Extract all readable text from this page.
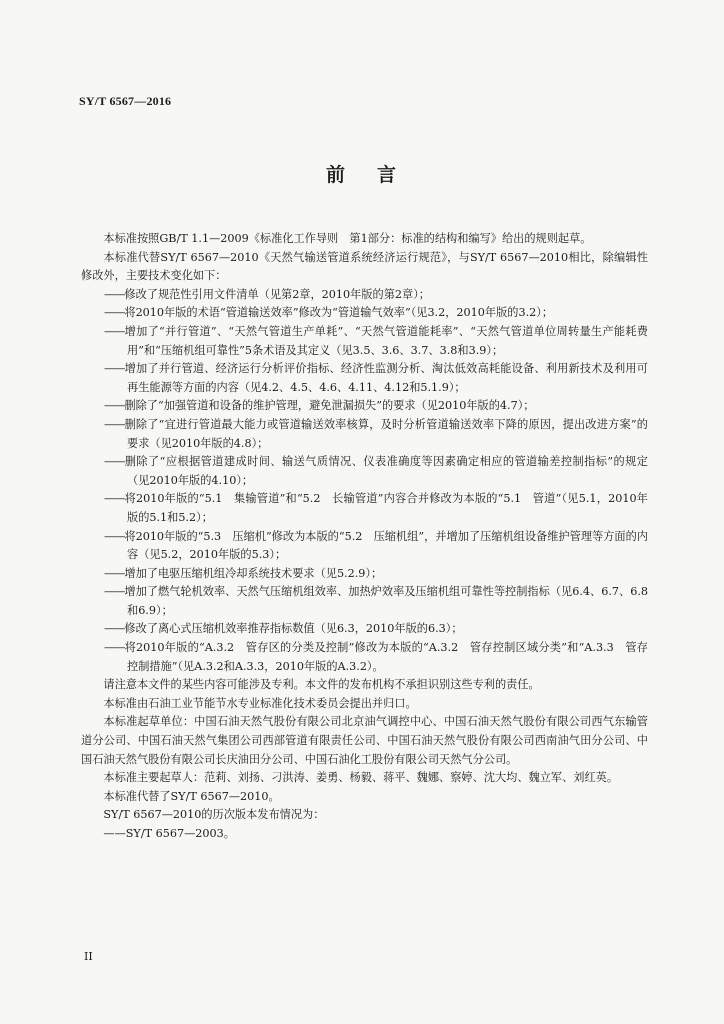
SY/T 6567—2016
前 言
本标准按照GB/T 1.1—2009《标准化工作导则　第1部分：标准的结构和编写》给出的规则起草。
本标准代替SY/T 6567—2010《天然气输送管道系统经济运行规范》，与SY/T 6567—2010相比，除编辑性修改外，主要技术变化如下：
——修改了规范性引用文件清单（见第2章，2010年版的第2章）；
——将2010年版的术语“管道输送效率”修改为“管道输气效率”（见3.2，2010年版的3.2）；
——增加了“并行管道”、“天然气管道生产单耗”、“天然气管道能耗率”、“天然气管道单位周转量生产能耗费用”和“压缩机组可靠性”5条术语及其定义（见3.5、3.6、3.7、3.8和3.9）；
——增加了并行管道、经济运行分析评价指标、经济性监测分析、淘汰低效高耗能设备、利用新技术及利用可再生能源等方面的内容（见4.2、4.5、4.6、4.11、4.12和5.1.9）；
——删除了“加强管道和设备的维护管理，避免泄漏损失”的要求（见2010年版的4.7）；
——删除了“宜进行管道最大能力或管道输送效率核算，及时分析管道输送效率下降的原因，提出改进方案”的要求（见2010年版的4.8）；
——删除了“应根据管道建成时间、输送气质情况、仪表准确度等因素确定相应的管道输差控制指标”的规定（见2010年版的4.10）；
——将2010年版的“5.1　集输管道”和“5.2　长输管道”内容合并修改为本版的“5.1　管道”（见5.1，2010年版的5.1和5.2）；
——将2010年版的“5.3　压缩机”修改为本版的“5.2　压缩机组”，并增加了压缩机组设备维护管理等方面的内容（见5.2，2010年版的5.3）；
——增加了电驱压缩机组冷却系统技术要求（见5.2.9）；
——增加了燃气轮机效率、天然气压缩机组效率、加热炉效率及压缩机组可靠性等控制指标（见6.4、6.7、6.8和6.9）；
——修改了离心式压缩机效率推荐指标数值（见6.3，2010年版的6.3）；
——将2010年版的“A.3.2　管存区的分类及控制”修改为本版的“A.3.2　管存控制区域分类”和“A.3.3　管存控制措施”（见A.3.2和A.3.3，2010年版的A.3.2）。
请注意本文件的某些内容可能涉及专利。本文件的发布机构不承担识别这些专利的责任。
本标准由石油工业节能节水专业标准化技术委员会提出并归口。
本标准起草单位：中国石油天然气股份有限公司北京油气调控中心、中国石油天然气股份有限公司西气东输管道分公司、中国石油天然气集团公司西部管道有限责任公司、中国石油天然气股份有限公司西南油气田分公司、中国石油天然气股份有限公司长庆油田分公司、中国石油化工股份有限公司天然气分公司。
本标准主要起草人：范莉、刘扬、刁洪涛、姜勇、杨毅、蒋平、魏娜、察婷、沈大均、魏立军、刘红英。
本标准代替了SY/T 6567—2010。
SY/T 6567—2010的历次版本发布情况为：
——SY/T 6567—2003。
II
